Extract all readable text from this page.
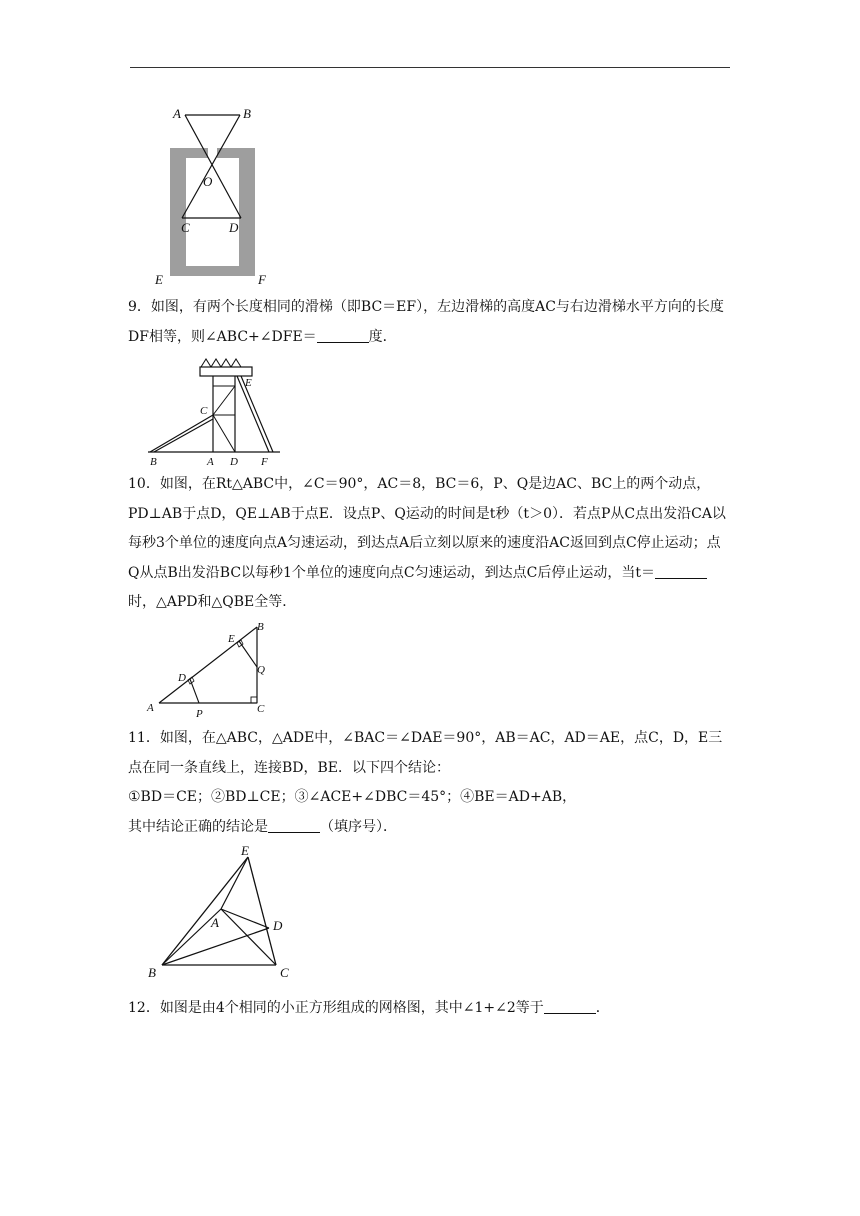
A	B
O
C	D
E	F

9．如图，有两个长度相同的滑梯（即BC＝EF），左边滑梯的高度AC与右边滑梯水平方向的长度DF相等，则∠ABC+∠DFE＝	度．

B	A D F
C
E

10．如图，在Rt△ABC中，∠C＝90°，AC＝8，BC＝6，P、Q是边AC、BC上的两个动点，PD⊥AB于点D，QE⊥AB于点E．设点P、Q运动的时间是t秒（t＞0）．若点P从C点出发沿CA以每秒3个单位的速度向点A匀速运动，到达点A后立刻以原来的速度沿AC返回到点C停止运动；点Q从点B出发沿BC以每秒1个单位的速度向点C匀速运动，到达点C后停止运动，当t＝时，△APD和△QBE全等．

A	P	C
D
E
B
Q

11．如图，在△ABC，△ADE中，∠BAC＝∠DAE＝90°，AB＝AC，AD＝AE，点C，D，E三点在同一条直线上，连接BD，BE．以下四个结论：
①BD＝CE；②BD⊥CE；③∠ACE+∠DBC＝45°；④BE＝AD+AB，
其中结论正确的结论是	（填序号）．

E
A	D
B	C

12．如图是由4个相同的小正方形组成的网格图，其中∠1+∠2等于	．
